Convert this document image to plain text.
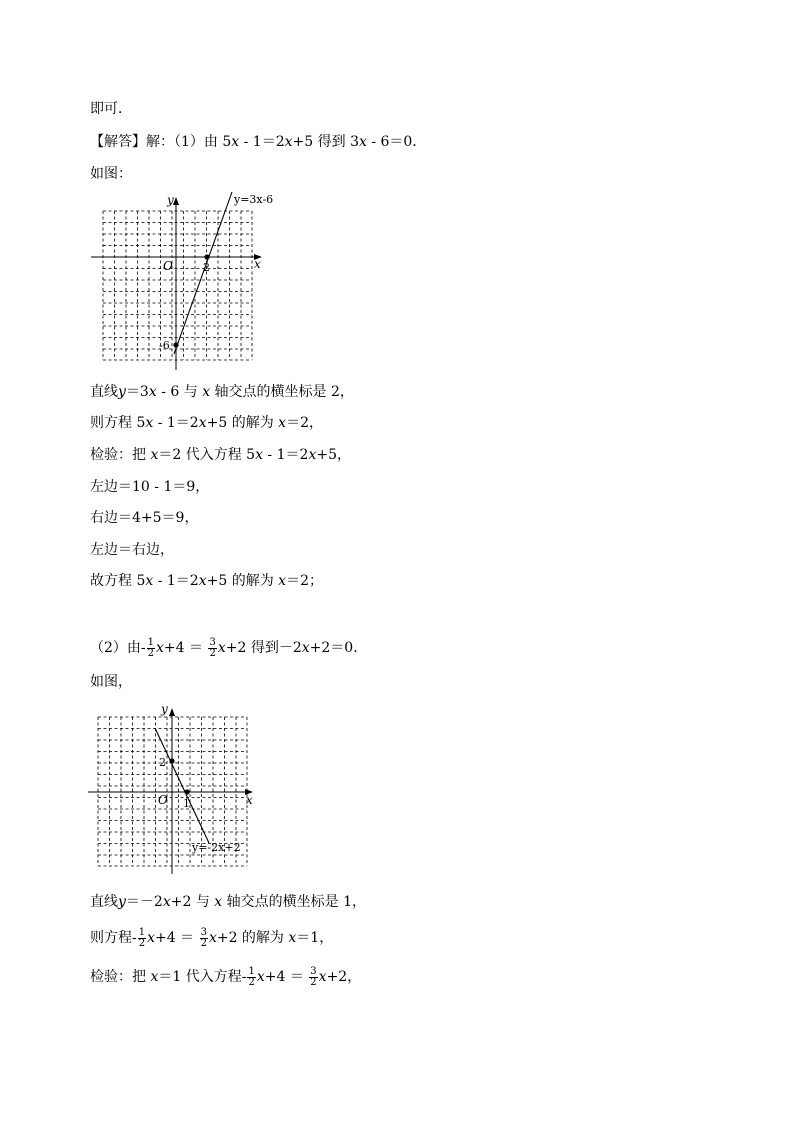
即可．
【解答】解：（1）由 5x - 1＝2x+5 得到 3x - 6＝0．
如图：
y
x
O	2
-6
y=3x-6
直线y＝3x - 6 与 x 轴交点的横坐标是 2，
则方程 5x - 1＝2x+5 的解为 x＝2，
检验：把 x＝2 代入方程 5x - 1＝2x+5，
左边＝10 - 1＝9，
右边＝4+5＝9，
左边＝右边，
故方程 5x - 1＝2x+5 的解为 x＝2；
（2）由- $\frac{1}{2} x+4 = \frac{3}{2} x+2$ 得到－2x+2＝0．
如图，
y
x
O 1
2
y=-2x+2
直线y＝－2x+2 与 x 轴交点的横坐标是 1，
则方程- $\frac{1}{2} x+4 = \frac{3}{2} x+2$ 的解为 x＝1，
检验：把 x＝1 代入方程- $\frac{1}{2} x+4 = \frac{3}{2} x+2$，
